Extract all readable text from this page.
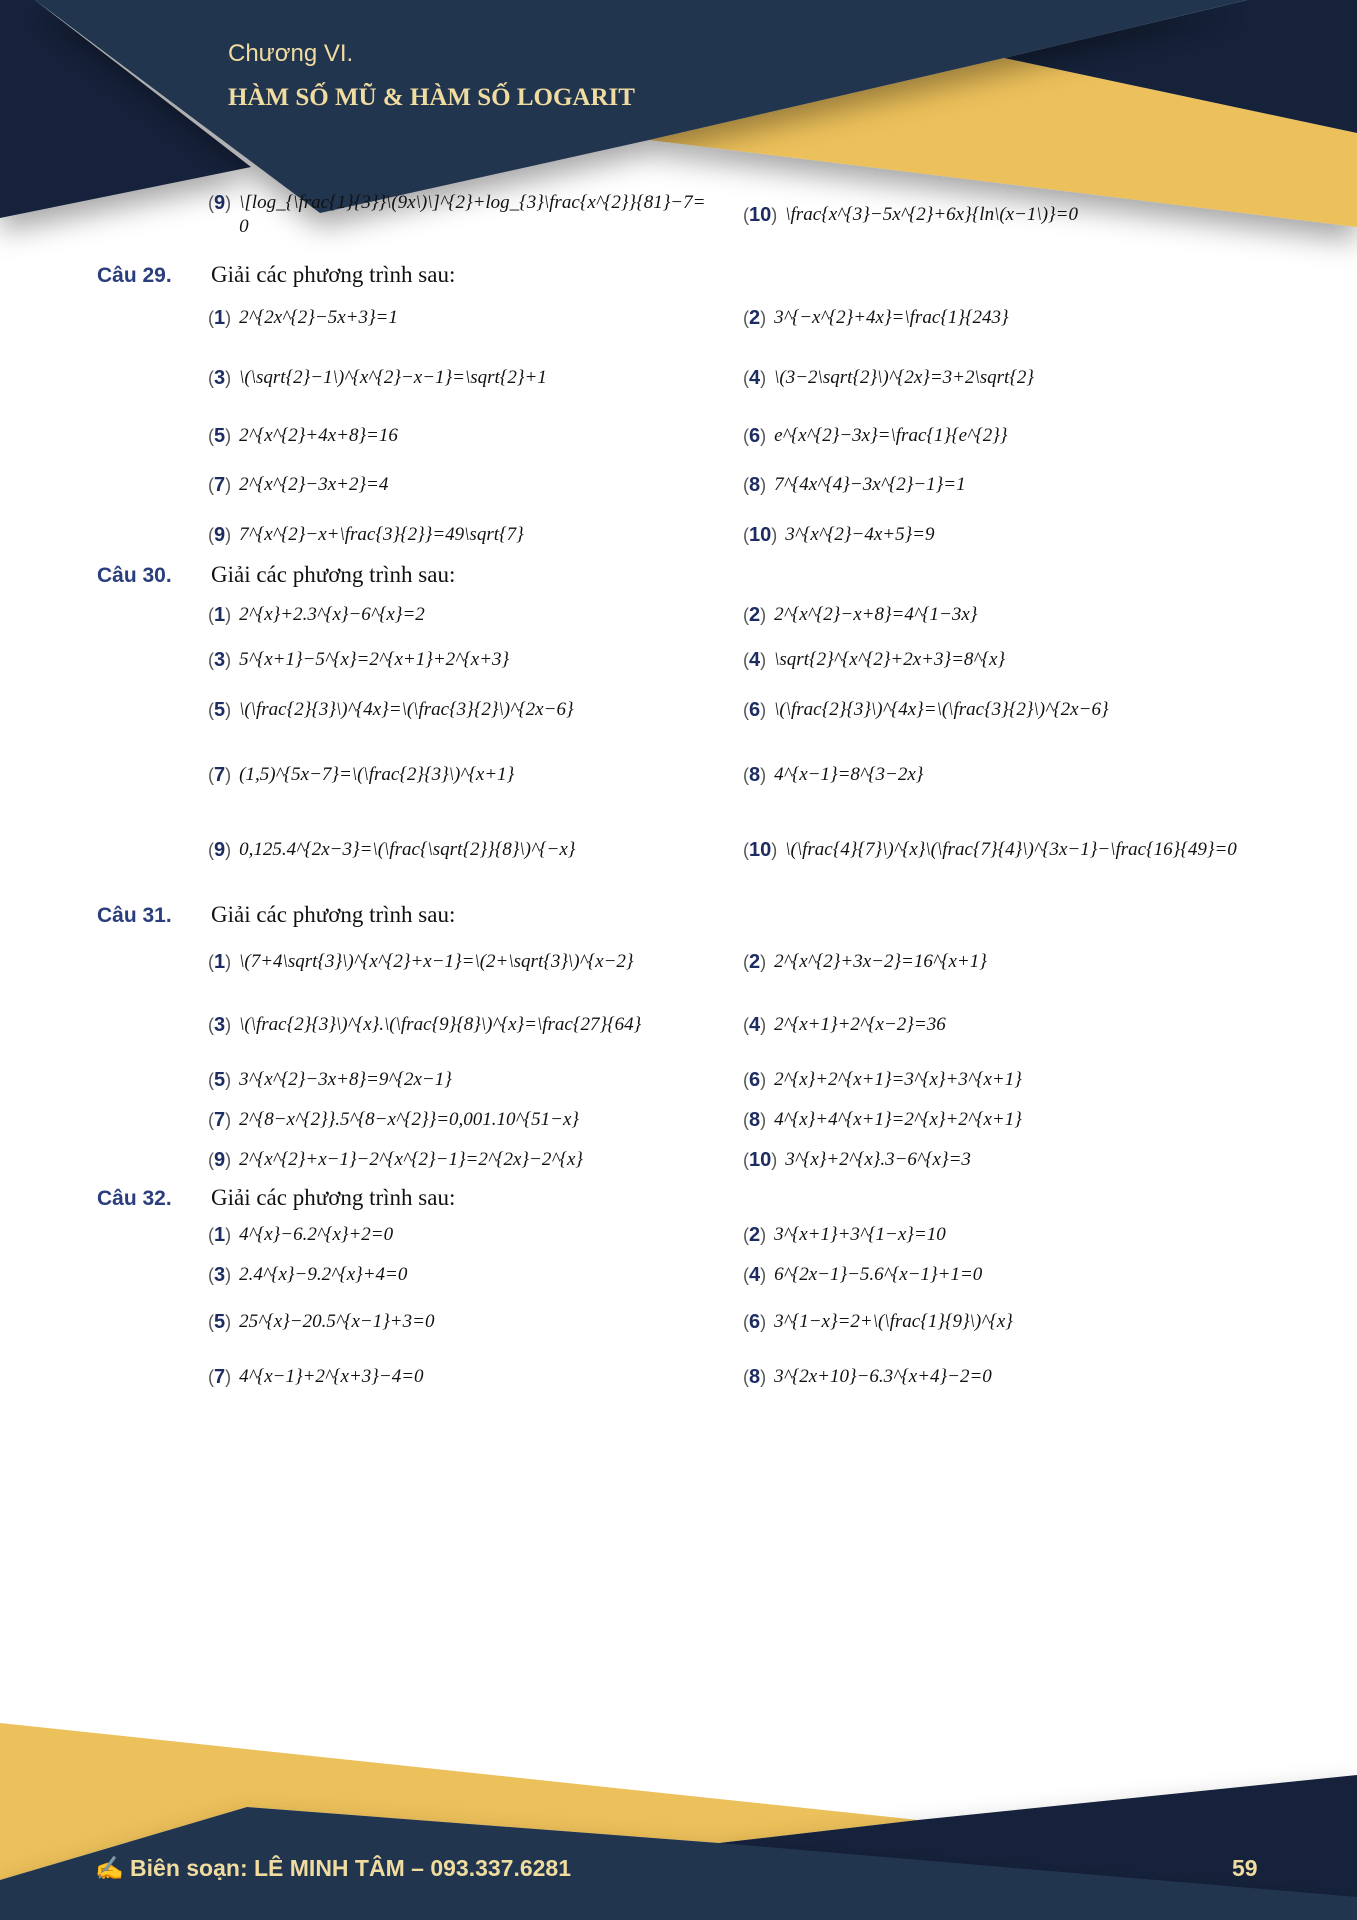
Chương VI.
HÀM SỐ MŨ & HÀM SỐ LOGARIT
(9) \[log_{\frac{1}{3}}\(9x\)\]^{2}+log_{3}\frac{x^{2}}{81}−7=0
(10) \frac{x^{3}−5x^{2}+6x}{ln\(x−1\)}=0
Câu 29.	Giải các phương trình sau:
(1) 2^{2x^{2}−5x+3}=1	(2) 3^{−x^{2}+4x}=\frac{1}{243}
(3) \(\sqrt{2}−1\)^{x^{2}−x−1}=\sqrt{2}+1	(4) \(3−2\sqrt{2}\)^{2x}=3+2\sqrt{2}
(5) 2^{x^{2}+4x+8}=16	(6) e^{x^{2}−3x}=\frac{1}{e^{2}}
(7) 2^{x^{2}−3x+2}=4	(8) 7^{4x^{4}−3x^{2}−1}=1
(9) 7^{x^{2}−x+\frac{3}{2}}=49\sqrt{7}	(10) 3^{x^{2}−4x+5}=9
Câu 30.	Giải các phương trình sau:
(1) 2^{x}+2.3^{x}−6^{x}=2	(2) 2^{x^{2}−x+8}=4^{1−3x}
(3) 5^{x+1}−5^{x}=2^{x+1}+2^{x+3}	(4) \sqrt{2}^{x^{2}+2x+3}=8^{x}
(5) \(\frac{2}{3}\)^{4x}=\(\frac{3}{2}\)^{2x−6}	(6) \(\frac{2}{3}\)^{4x}=\(\frac{3}{2}\)^{2x−6}
(7) (1,5)^{5x−7}=\(\frac{2}{3}\)^{x+1}	(8) 4^{x−1}=8^{3−2x}
(9) 0,125.4^{2x−3}=\(\frac{\sqrt{2}}{8}\)^{−x}	(10) \(\frac{4}{7}\)^{x}\(\frac{7}{4}\)^{3x−1}−\frac{16}{49}=0
Câu 31.	Giải các phương trình sau:
(1) \(7+4\sqrt{3}\)^{x^{2}+x−1}=\(2+\sqrt{3}\)^{x−2}	(2) 2^{x^{2}+3x−2}=16^{x+1}
(3) \(\frac{2}{3}\)^{x}.\(\frac{9}{8}\)^{x}=\frac{27}{64}	(4) 2^{x+1}+2^{x−2}=36
(5) 3^{x^{2}−3x+8}=9^{2x−1}	(6) 2^{x}+2^{x+1}=3^{x}+3^{x+1}
(7) 2^{8−x^{2}}.5^{8−x^{2}}=0,001.10^{51−x}	(8) 4^{x}+4^{x+1}=2^{x}+2^{x+1}
(9) 2^{x^{2}+x−1}−2^{x^{2}−1}=2^{2x}−2^{x}	(10) 3^{x}+2^{x}.3−6^{x}=3
Câu 32.	Giải các phương trình sau:
(1) 4^{x}−6.2^{x}+2=0	(2) 3^{x+1}+3^{1−x}=10
(3) 2.4^{x}−9.2^{x}+4=0	(4) 6^{2x−1}−5.6^{x−1}+1=0
(5) 25^{x}−20.5^{x−1}+3=0	(6) 3^{1−x}=2+\(\frac{1}{9}\)^{x}
(7) 4^{x−1}+2^{x+3}−4=0	(8) 3^{2x+10}−6.3^{x+4}−2=0
✍ Biên soạn: LÊ MINH TÂM – 093.337.6281	59
